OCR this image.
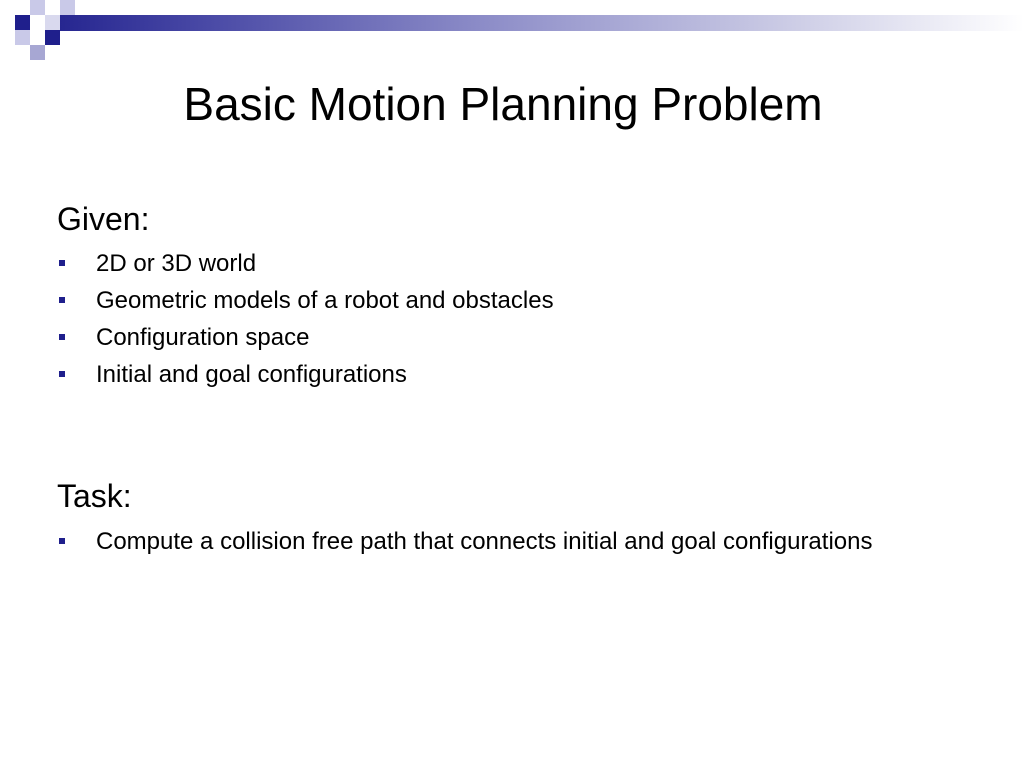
Basic Motion Planning Problem
Given:
2D or 3D world
Geometric models of a robot and obstacles
Configuration space
Initial and goal configurations
Task:
Compute a collision free path that connects initial and goal configurations
